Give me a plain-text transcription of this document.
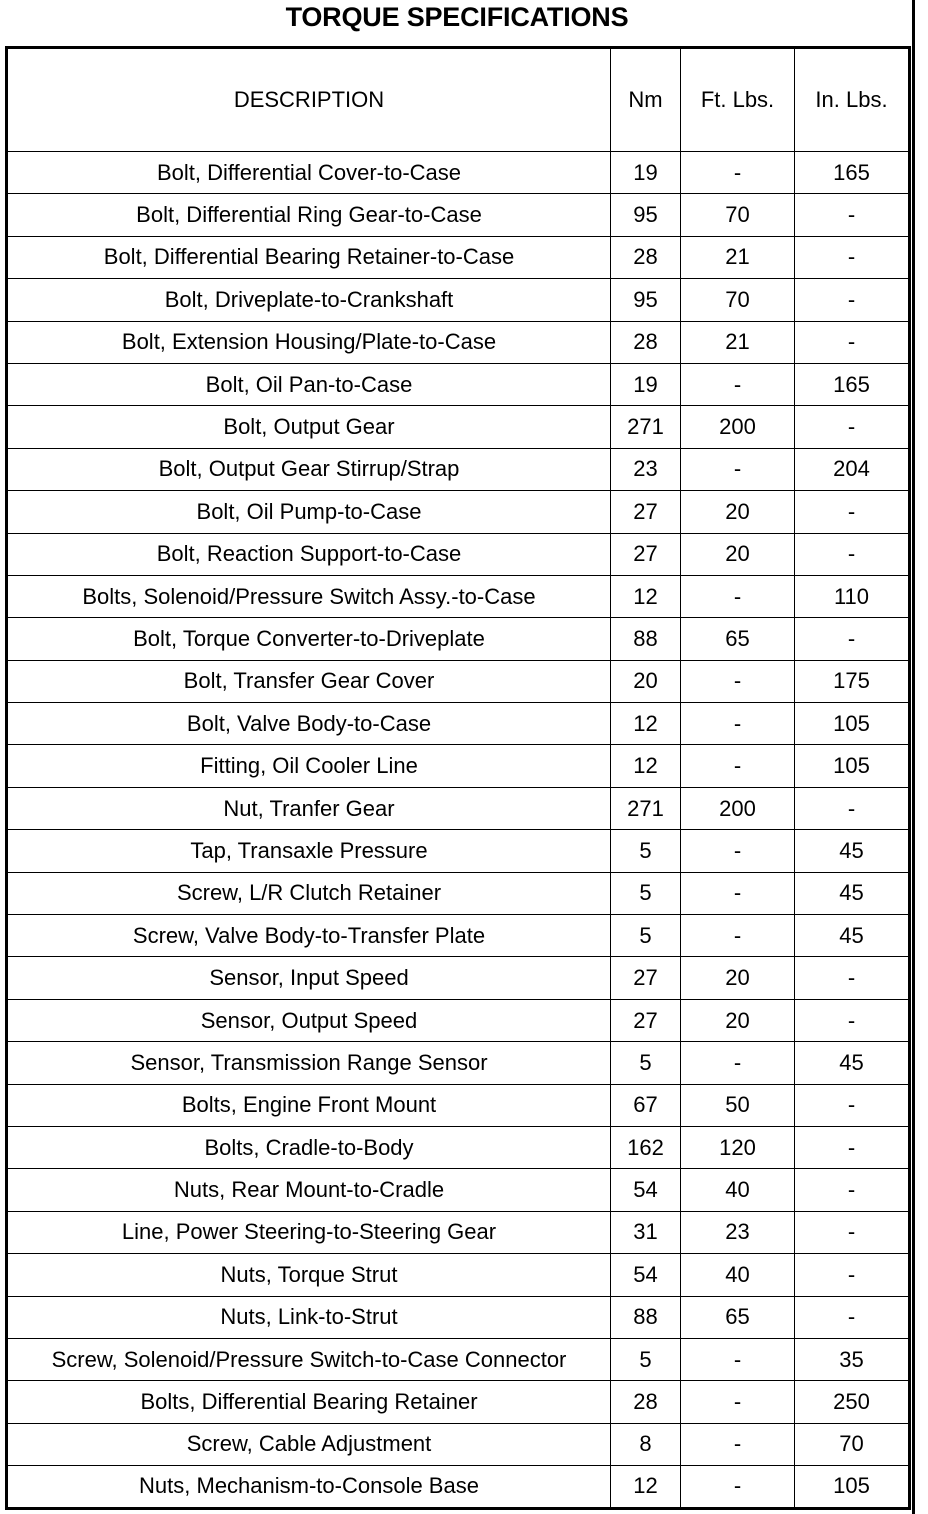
TORQUE SPECIFICATIONS
DESCRIPTION	Nm	Ft. Lbs.	In. Lbs.
Bolt, Differential Cover-to-Case	19	-	165
Bolt, Differential Ring Gear-to-Case	95	70	-
Bolt, Differential Bearing Retainer-to-Case	28	21	-
Bolt, Driveplate-to-Crankshaft	95	70	-
Bolt, Extension Housing/Plate-to-Case	28	21	-
Bolt, Oil Pan-to-Case	19	-	165
Bolt, Output Gear	271	200	-
Bolt, Output Gear Stirrup/Strap	23	-	204
Bolt, Oil Pump-to-Case	27	20	-
Bolt, Reaction Support-to-Case	27	20	-
Bolts, Solenoid/Pressure Switch Assy.-to-Case	12	-	110
Bolt, Torque Converter-to-Driveplate	88	65	-
Bolt, Transfer Gear Cover	20	-	175
Bolt, Valve Body-to-Case	12	-	105
Fitting, Oil Cooler Line	12	-	105
Nut, Tranfer Gear	271	200	-
Tap, Transaxle Pressure	5	-	45
Screw, L/R Clutch Retainer	5	-	45
Screw, Valve Body-to-Transfer Plate	5	-	45
Sensor, Input Speed	27	20	-
Sensor, Output Speed	27	20	-
Sensor, Transmission Range Sensor	5	-	45
Bolts, Engine Front Mount	67	50	-
Bolts, Cradle-to-Body	162	120	-
Nuts, Rear Mount-to-Cradle	54	40	-
Line, Power Steering-to-Steering Gear	31	23	-
Nuts, Torque Strut	54	40	-
Nuts, Link-to-Strut	88	65	-
Screw, Solenoid/Pressure Switch-to-Case Connector	5	-	35
Bolts, Differential Bearing Retainer	28	-	250
Screw, Cable Adjustment	8	-	70
Nuts, Mechanism-to-Console Base	12	-	105
